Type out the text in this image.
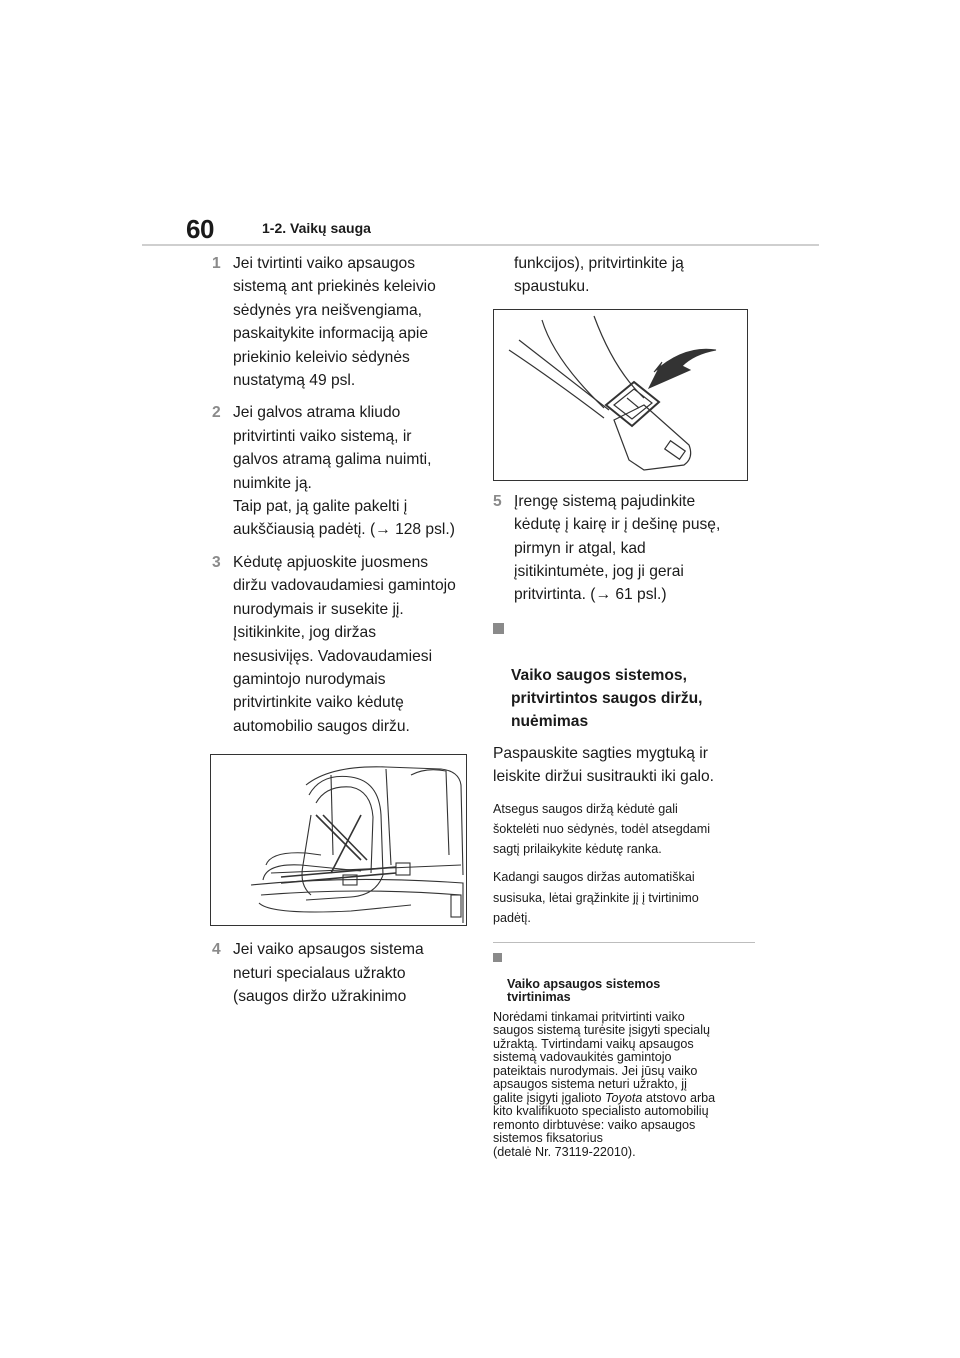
60	1-2. Vaikų sauga
1 Jei tvirtinti vaiko apsaugos
sistemą ant priekinės keleivio
sėdynės yra neišvengiama,
paskaitykite informaciją apie
priekinio keleivio sėdynės
nustatymą 49 psl.
2 Jei galvos atrama kliudo
pritvirtinti vaiko sistemą, ir
galvos atramą galima nuimti,
nuimkite ją.
Taip pat, ją galite pakelti į
aukščiausią padėtį. (→ 128 psl.)
3 Kėdutę apjuoskite juosmens
diržu vadovaudamiesi gamintojo
nurodymais ir susekite jį.
Įsitikinkite, jog diržas
nesusiviįęs. Vadovaudamiesi
gamintojo nurodymais
pritvirtinkite vaiko kėdutę
automobilio saugos diržu.
4 Jei vaiko apsaugos sistema
neturi specialaus užrakto
(saugos diržo užrakinimo
funkcijos), pritvirtinkite ją
spaustuku.
5 Įrengę sistemą pajudinkite
kėdutę į kairę ir į dešinę pusę,
pirmyn ir atgal, kad
įsitikintumėte, jog ji gerai
pritvirtinta. (→ 61 psl.)

Vaiko saugos sistemos,
pritvirtintos saugos diržu,
nuėmimas

Paspauskite sagties mygtuką ir
leiskite diržui susitraukti iki galo.
Atsegus saugos diržą kėdutė gali
šoktelėti nuo sėdynės, todėl atsegdami
sagtį prilaikykite kėdutę ranka.
Kadangi saugos diržas automatiškai
susisuka, lėtai grąžinkite jį į tvirtinimo
padėtį.

Vaiko apsaugos sistemos
tvirtinimas

Norėdami tinkamai pritvirtinti vaiko
saugos sistemą turėsite įsigyti specialų
užraktą. Tvirtindami vaikų apsaugos
sistemą vadovaukitės gamintojo
pateiktais nurodymais. Jei jūsų vaiko
apsaugos sistema neturi užrakto, jį
galite įsigyti įgalioto Toyota atstovo arba
kito kvalifikuoto specialisto automobilių
remonto dirbtuvėse: vaiko apsaugos
sistemos fiksatorius
(detalė Nr. 73119-22010).
